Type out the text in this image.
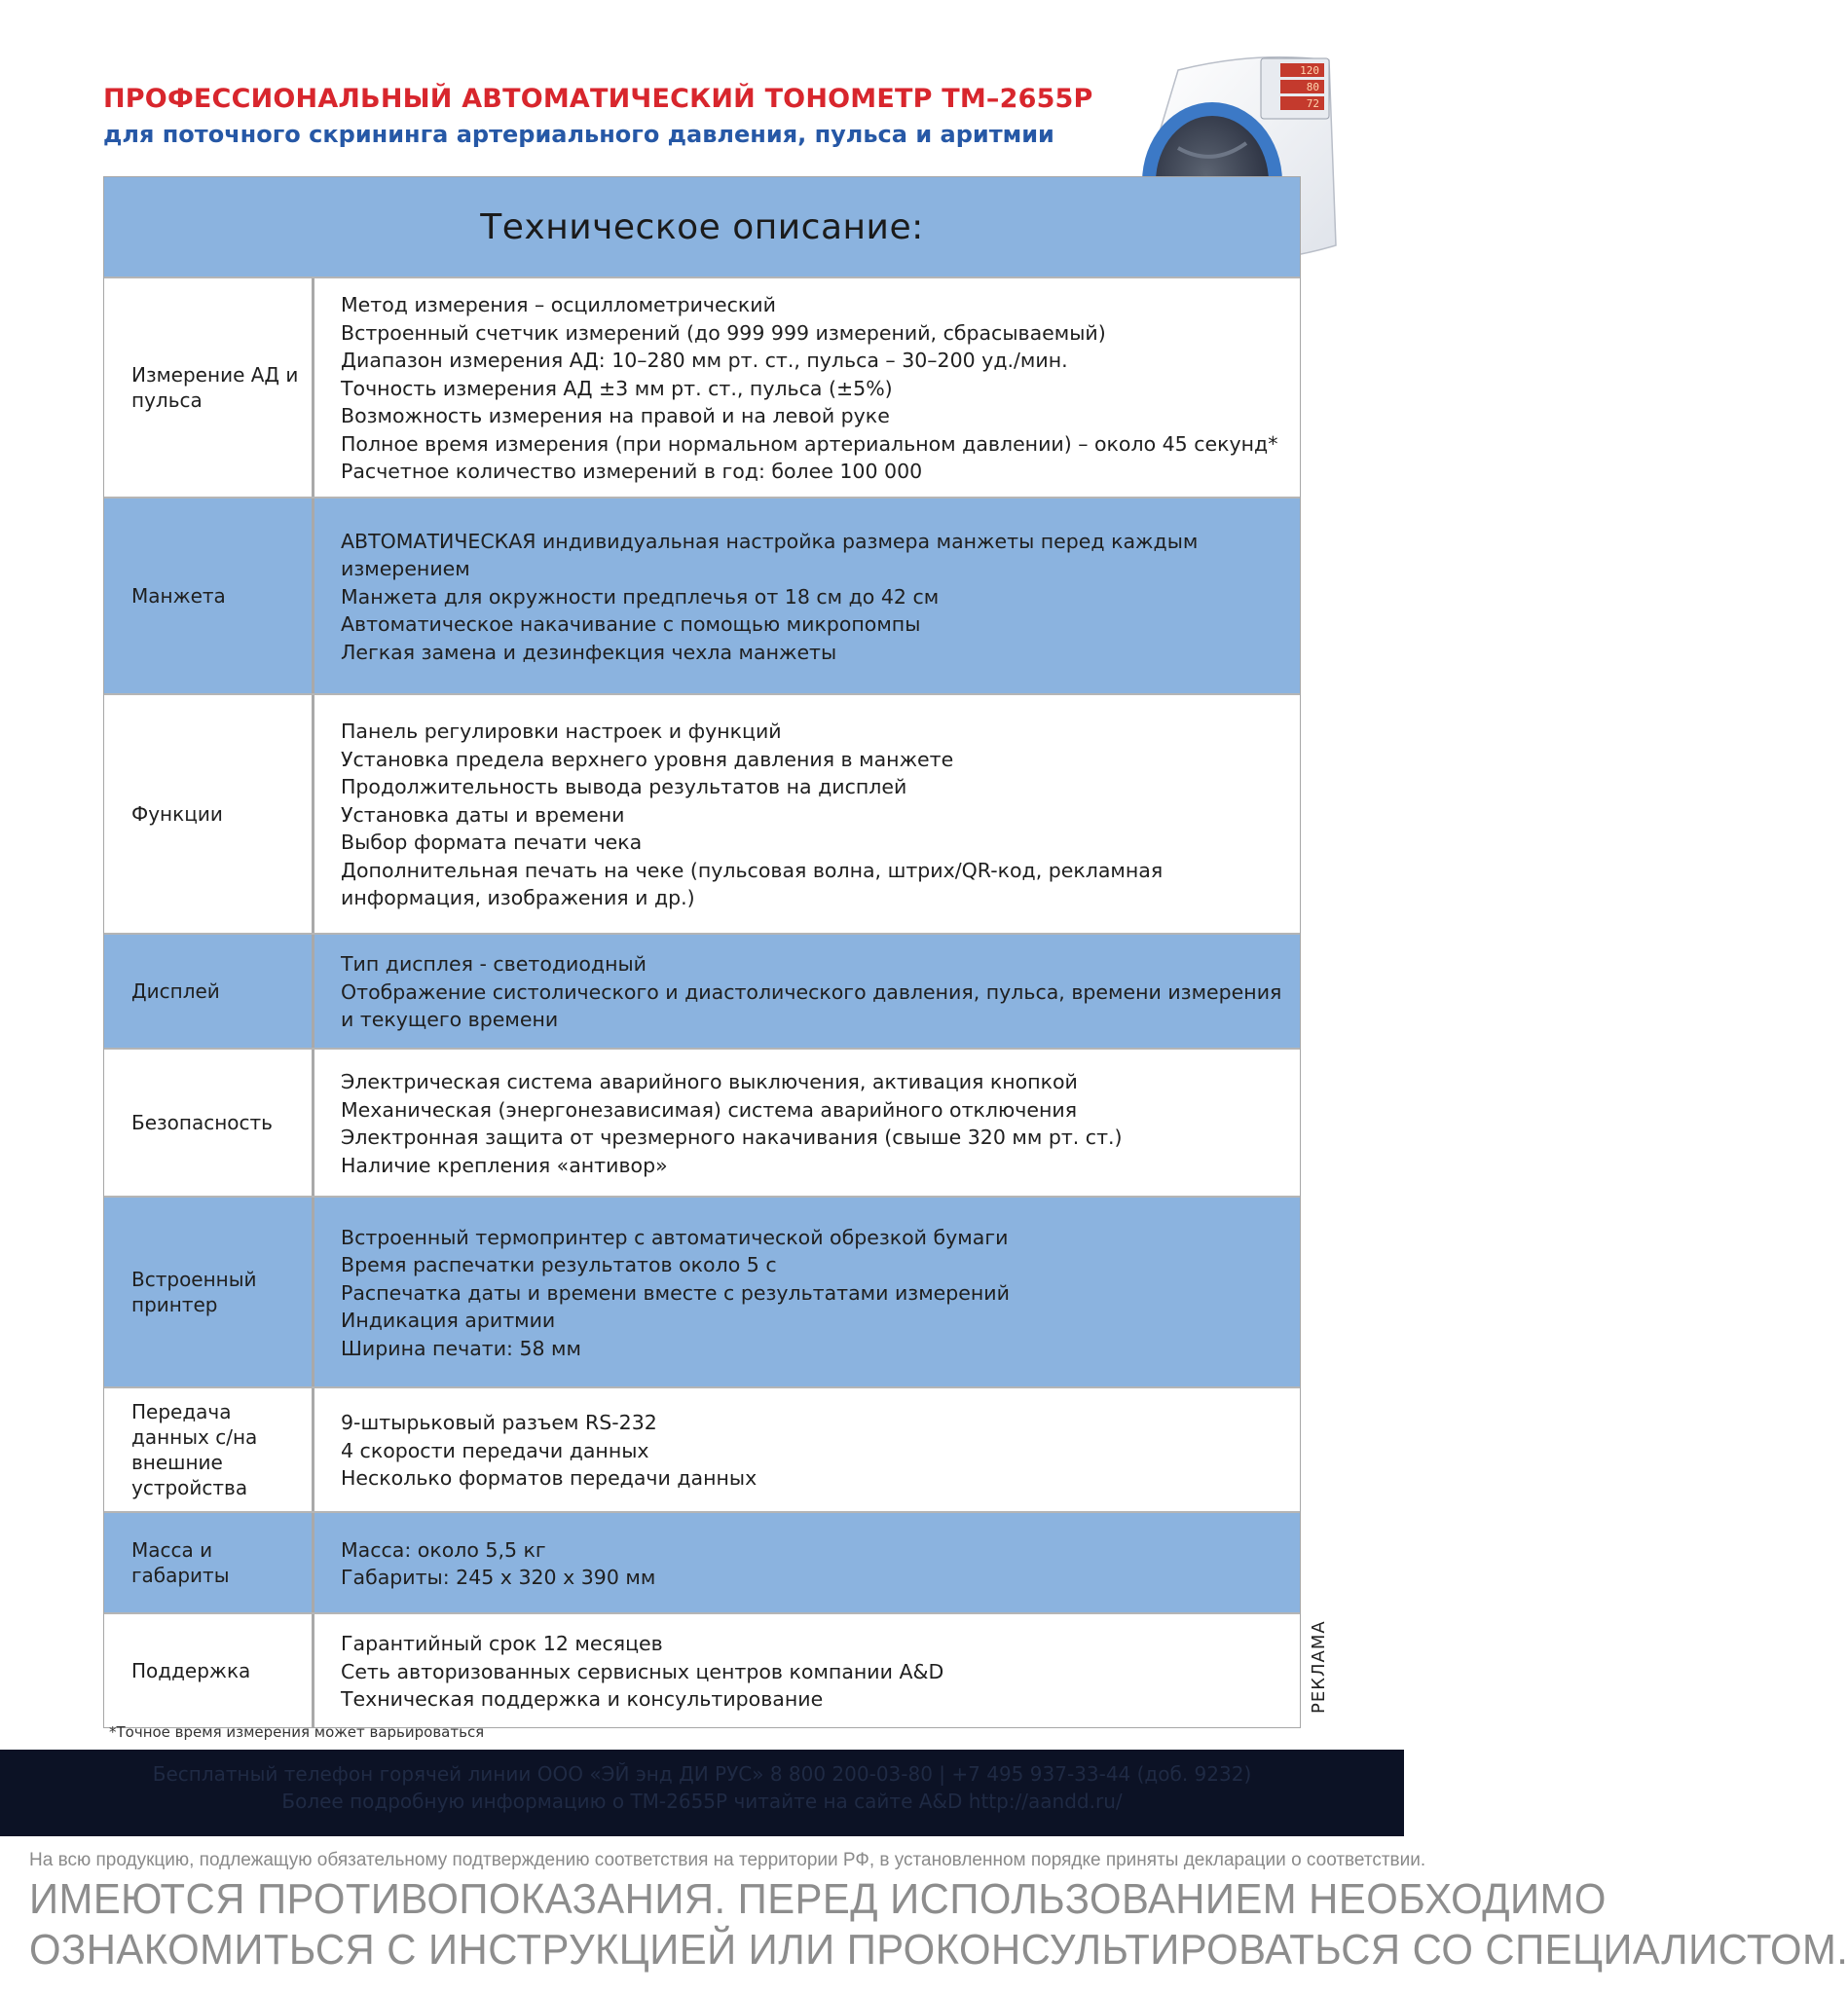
ПРОФЕССИОНАЛЬНЫЙ АВТОМАТИЧЕСКИЙ ТОНОМЕТР ТМ–2655Р
для поточного скрининга артериального давления, пульса и аритмии
120
80
72
Техническое описание:
Измерение АД и пульса
Метод измерения – осциллометрический
Встроенный счетчик измерений (до 999 999 измерений, сбрасываемый)
Диапазон измерения АД: 10–280 мм рт. ст., пульса – 30–200 уд./мин.
Точность измерения АД ±3 мм рт. ст., пульса (±5%)
Возможность измерения на правой и на левой руке
Полное время измерения (при нормальном артериальном давлении) – около 45 секунд*
Расчетное количество измерений в год: более 100 000
Манжета
АВТОМАТИЧЕСКАЯ индивидуальная настройка размера манжеты перед каждым измерением
Манжета для окружности предплечья от 18 см до 42 см
Автоматическое накачивание с помощью микропомпы
Легкая замена и дезинфекция чехла манжеты
Функции
Панель регулировки настроек и функций
Установка предела верхнего уровня давления в манжете
Продолжительность вывода результатов на дисплей
Установка даты и времени
Выбор формата печати чека
Дополнительная печать на чеке (пульсовая волна, штрих/QR-код, рекламная информация, изображения и др.)
Дисплей
Тип дисплея - светодиодный
Отображение систолического и диастолического давления, пульса, времени измерения и текущего времени
Безопасность
Электрическая система аварийного выключения, активация кнопкой
Механическая (энергонезависимая) система аварийного отключения
Электронная защита от чрезмерного накачивания (свыше 320 мм рт. ст.)
Наличие крепления «антивор»
Встроенный принтер
Встроенный термопринтер с автоматической обрезкой бумаги
Время распечатки результатов около 5 с
Распечатка даты и времени вместе с результатами измерений
Индикация аритмии
Ширина печати: 58 мм
Передача данных с/на внешние устройства
9-штырьковый разъем RS-232
4 скорости передачи данных
Несколько форматов передачи данных
Масса и габариты
Масса: около 5,5 кг
Габариты: 245 х 320 х 390 мм
Поддержка
Гарантийный срок 12 месяцев
Сеть авторизованных сервисных центров компании A&D
Техническая поддержка и консультирование
*Точное время измерения может варьироваться
РЕКЛАМА
Бесплатный телефон горячей линии ООО «ЭЙ энд ДИ РУС» 8 800 200-03-80 | +7 495 937-33-44 (доб. 9232)
Более подробную информацию о ТМ-2655Р читайте на сайте A&D http://aandd.ru/
На всю продукцию, подлежащую обязательному подтверждению соответствия на территории РФ, в установленном порядке приняты декларации о соответствии.
ИМЕЮТСЯ ПРОТИВОПОКАЗАНИЯ. ПЕРЕД ИСПОЛЬЗОВАНИЕМ НЕОБХОДИМО
ОЗНАКОМИТЬСЯ С ИНСТРУКЦИЕЙ ИЛИ ПРОКОНСУЛЬТИРОВАТЬСЯ СО СПЕЦИАЛИСТОМ.
